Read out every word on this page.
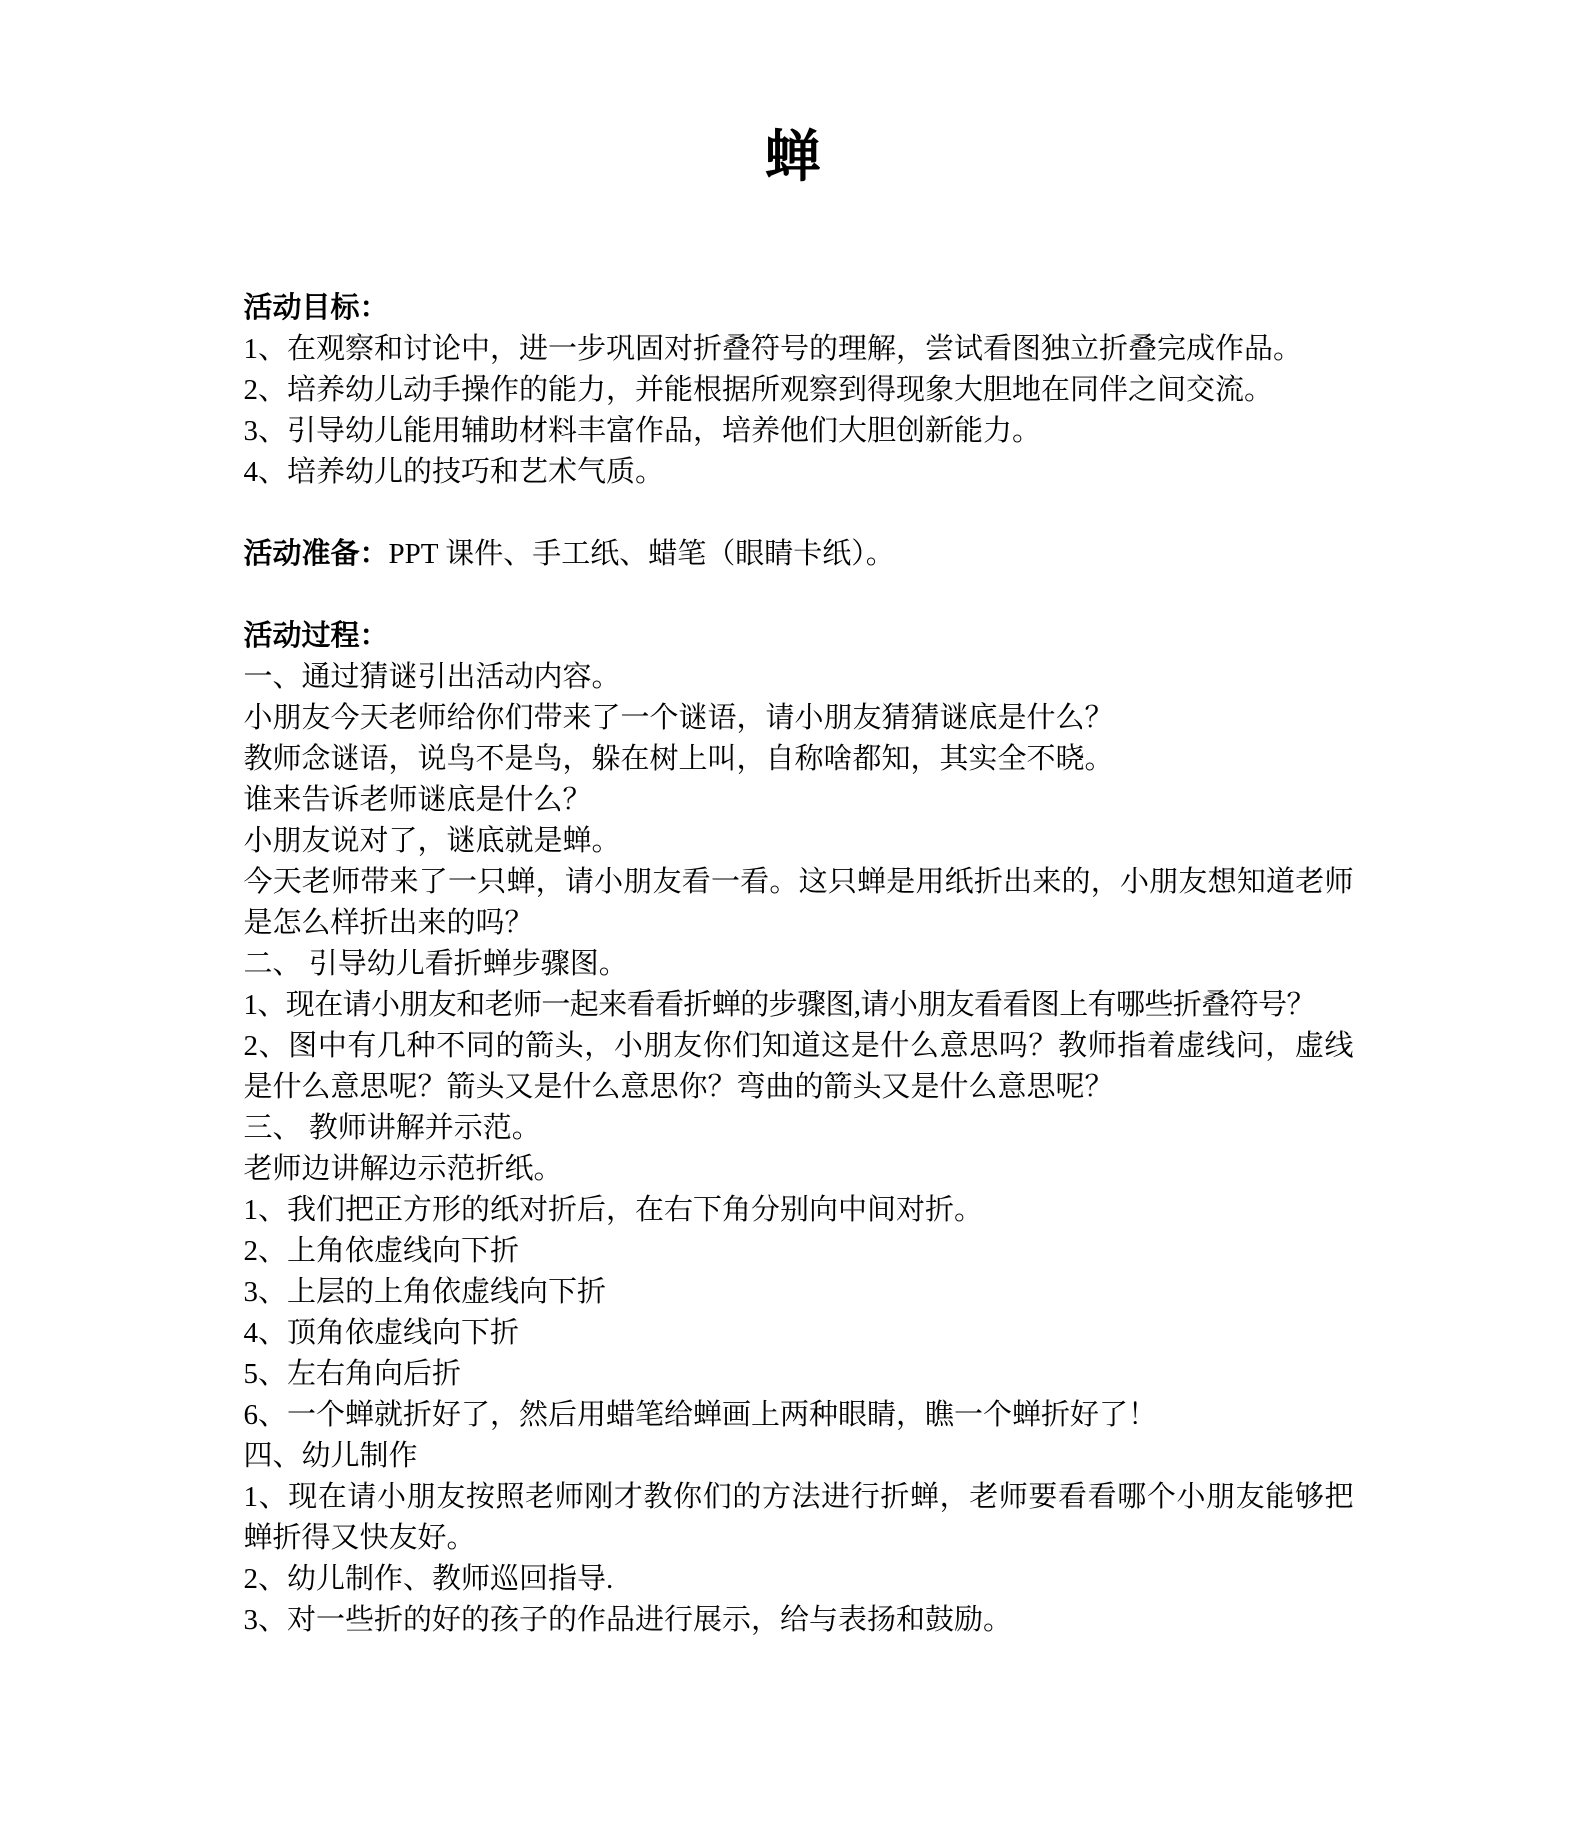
蝉
活动目标：
1、在观察和讨论中，进一步巩固对折叠符号的理解，尝试看图独立折叠完成作品。
2、培养幼儿动手操作的能力，并能根据所观察到得现象大胆地在同伴之间交流。
3、引导幼儿能用辅助材料丰富作品，培养他们大胆创新能力。
4、培养幼儿的技巧和艺术气质。
活动准备：PPT 课件、手工纸、蜡笔（眼睛卡纸）。
活动过程：
一、通过猜谜引出活动内容。
小朋友今天老师给你们带来了一个谜语，请小朋友猜猜谜底是什么？
教师念谜语，说鸟不是鸟，躲在树上叫，自称啥都知，其实全不晓。
谁来告诉老师谜底是什么？
小朋友说对了，谜底就是蝉。
今天老师带来了一只蝉，请小朋友看一看。这只蝉是用纸折出来的，小朋友想知道老师是怎么样折出来的吗？
二、 引导幼儿看折蝉步骤图。
1、现在请小朋友和老师一起来看看折蝉的步骤图,请小朋友看看图上有哪些折叠符号？
2、图中有几种不同的箭头，小朋友你们知道这是什么意思吗？教师指着虚线问，虚线是什么意思呢？箭头又是什么意思你？弯曲的箭头又是什么意思呢？
三、 教师讲解并示范。
老师边讲解边示范折纸。
1、我们把正方形的纸对折后，在右下角分别向中间对折。
2、上角依虚线向下折
3、上层的上角依虚线向下折
4、顶角依虚线向下折
5、左右角向后折
6、一个蝉就折好了，然后用蜡笔给蝉画上两种眼睛，瞧一个蝉折好了！
四、幼儿制作
1、现在请小朋友按照老师刚才教你们的方法进行折蝉，老师要看看哪个小朋友能够把蝉折得又快友好。
2、幼儿制作、教师巡回指导.
3、对一些折的好的孩子的作品进行展示，给与表扬和鼓励。
